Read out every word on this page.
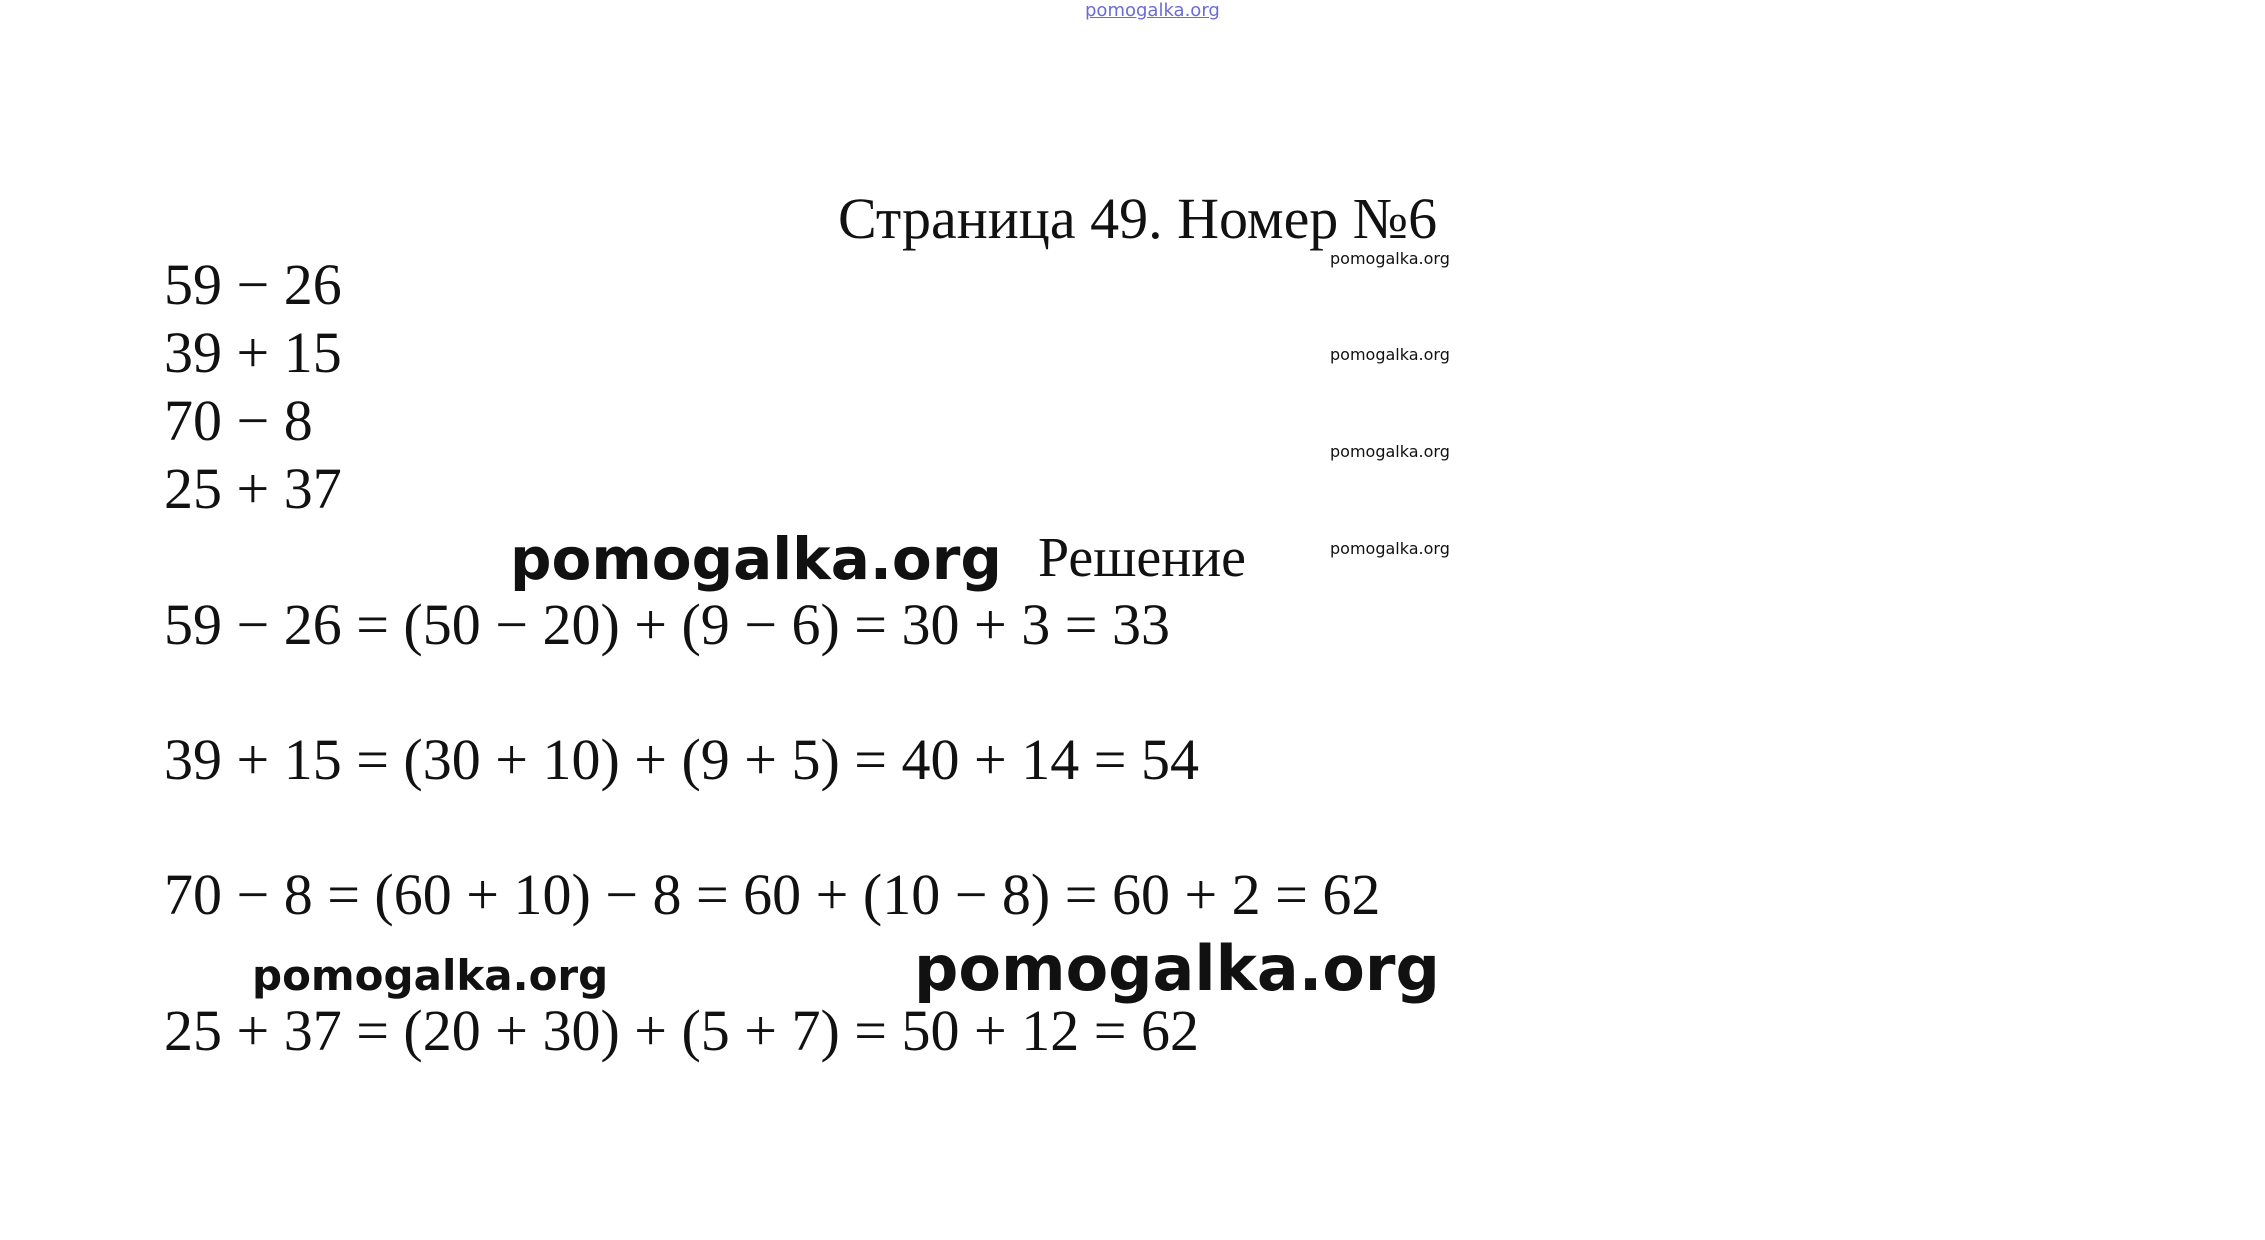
pomogalka.org
Страница 49. Номер №6
59 − 26
39 + 15
70 − 8
25 + 37
pomogalka.org
pomogalka.org
pomogalka.org
pomogalka.org
pomogalka.org Решение
59 − 26 = (50 − 20) + (9 − 6) = 30 + 3 = 33
39 + 15 = (30 + 10) + (9 + 5) = 40 + 14 = 54
70 − 8 = (60 + 10) − 8 = 60 + (10 − 8) = 60 + 2 = 62
pomogalka.org	pomogalka.org
25 + 37 = (20 + 30) + (5 + 7) = 50 + 12 = 62
